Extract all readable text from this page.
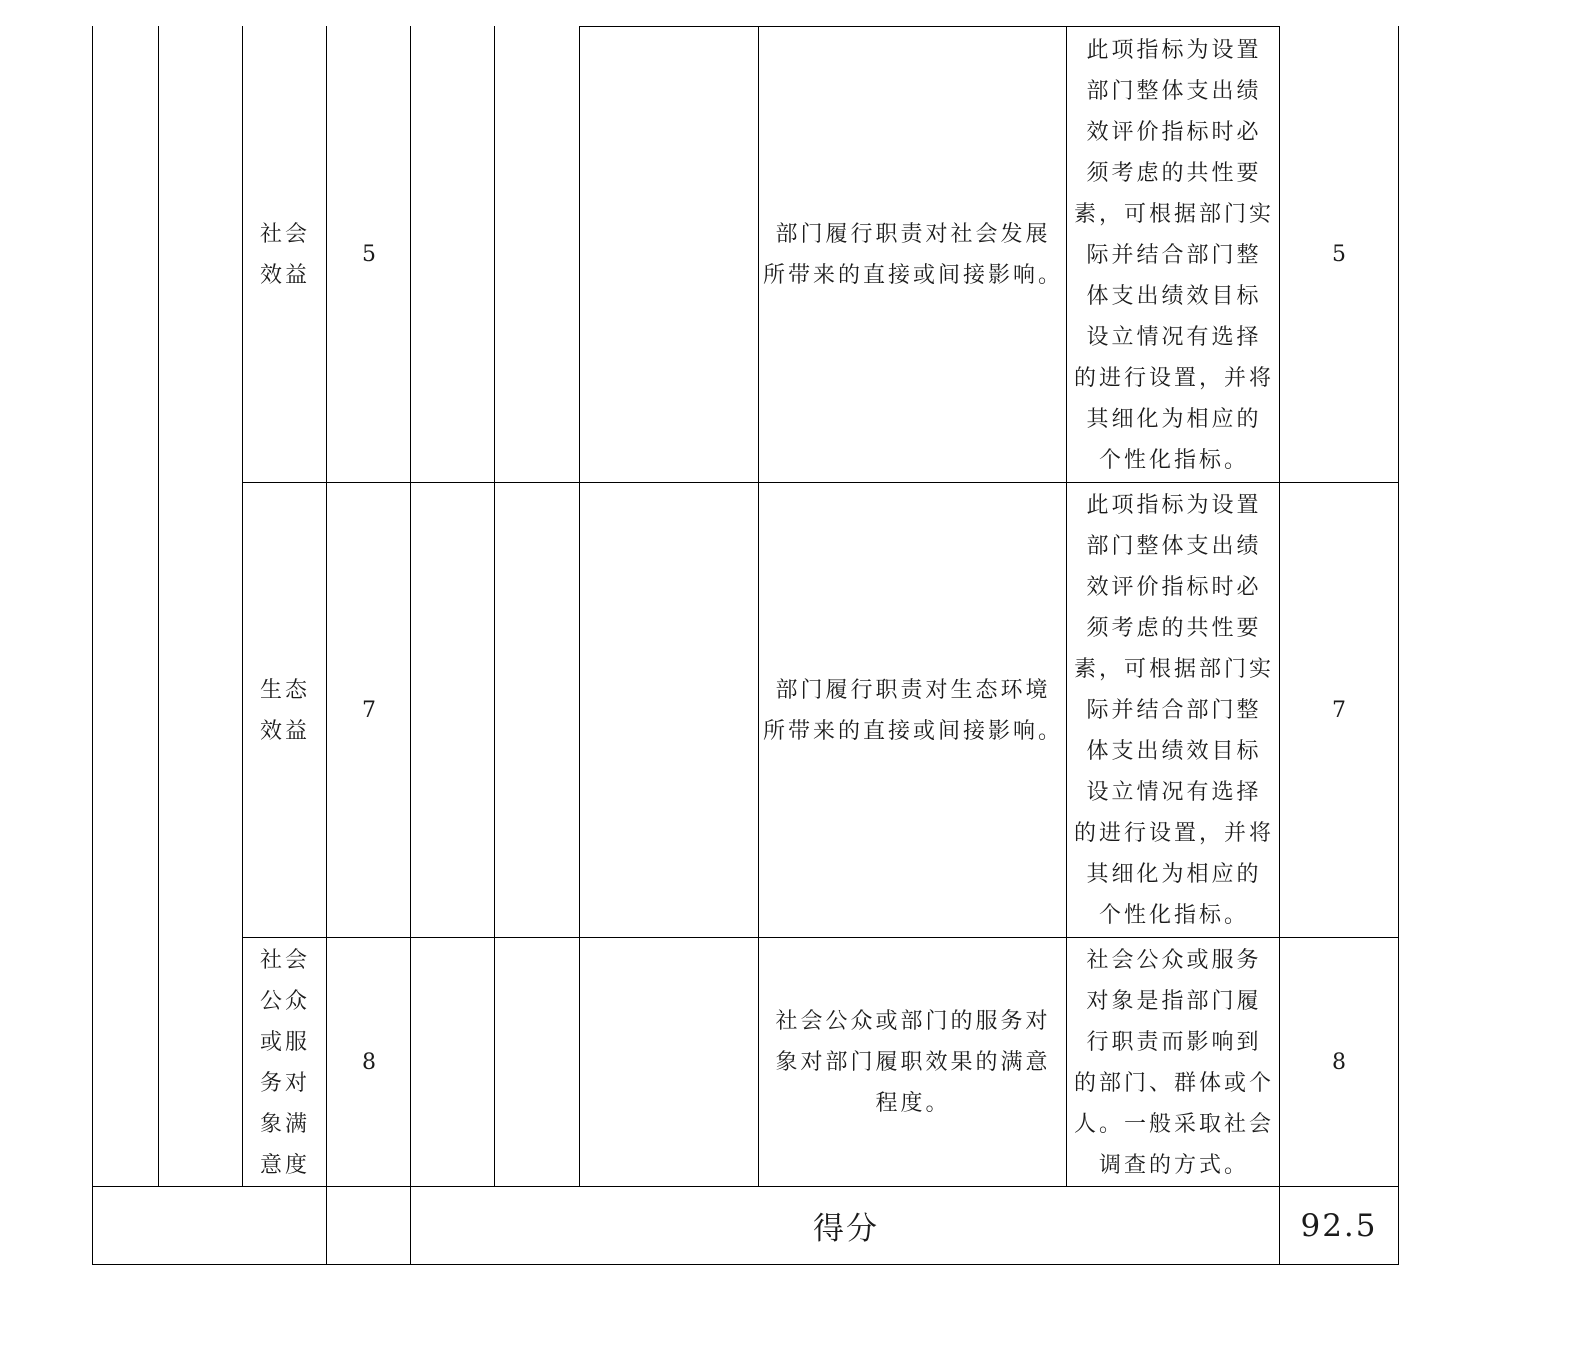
社会
效益
5
部门履行职责对社会发展
所带来的直接或间接影响。
此项指标为设置
部门整体支出绩
效评价指标时必
须考虑的共性要
素，可根据部门实
际并结合部门整
体支出绩效目标
设立情况有选择
的进行设置，并将
其细化为相应的
个性化指标。
5
生态
效益
7
部门履行职责对生态环境
所带来的直接或间接影响。
此项指标为设置
部门整体支出绩
效评价指标时必
须考虑的共性要
素，可根据部门实
际并结合部门整
体支出绩效目标
设立情况有选择
的进行设置，并将
其细化为相应的
个性化指标。
7
社会
公众
或服
务对
象满
意度
8
社会公众或部门的服务对
象对部门履职效果的满意
程度。
社会公众或服务
对象是指部门履
行职责而影响到
的部门、群体或个
人。一般采取社会
调查的方式。
8
得分	92.5
